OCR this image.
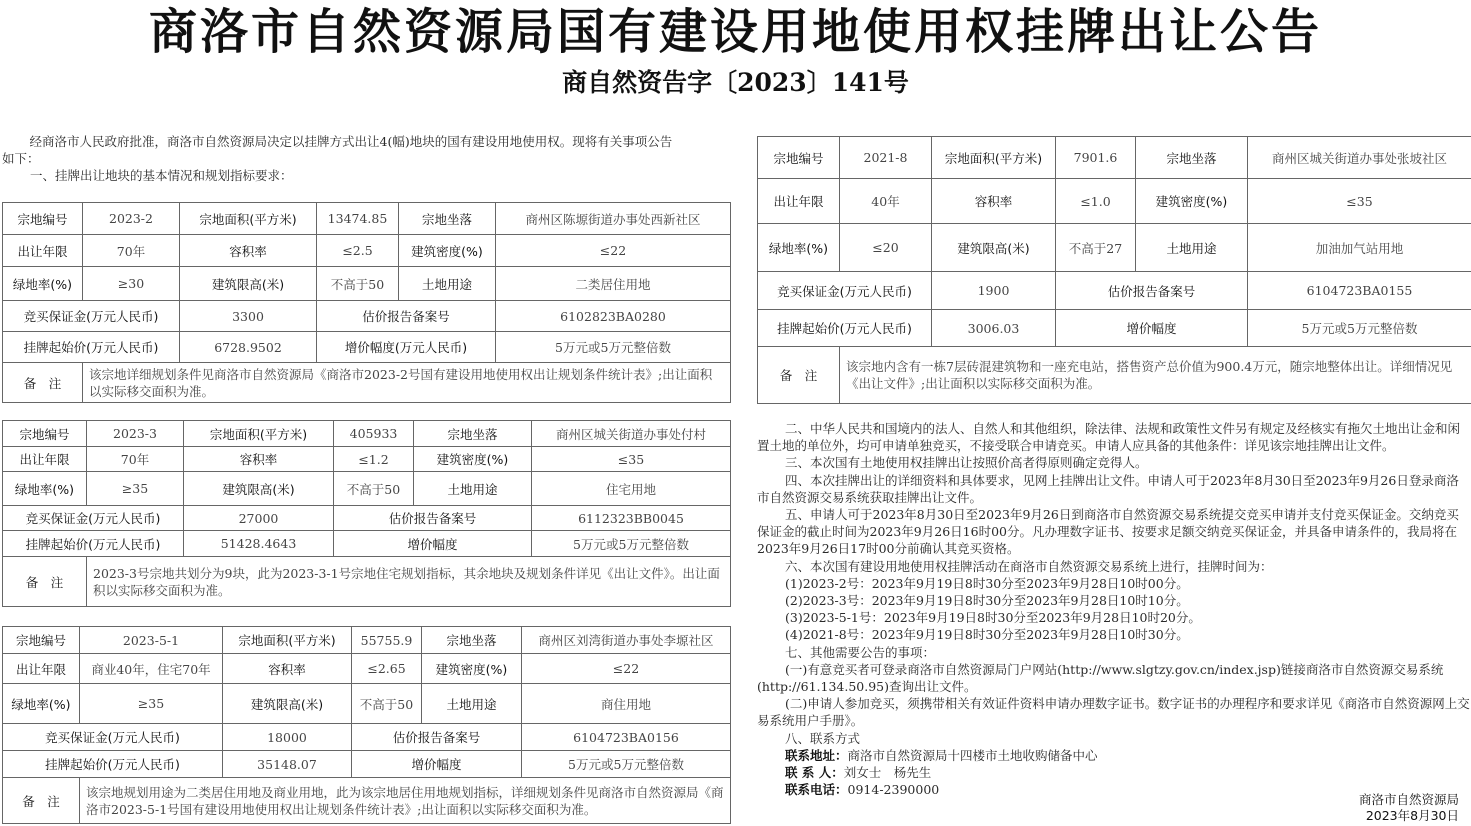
商洛市自然资源局国有建设用地使用权挂牌出让公告
商自然资告字〔2023〕141号

经商洛市人民政府批准，商洛市自然资源局决定以挂牌方式出让4(幅)地块的国有建设用地使用权。现将有关事项公告

如下：

一、挂牌出让地块的基本情况和规划指标要求：
宗地编号	2023-2	宗地面积(平方米)	13474.85	宗地坐落	商州区陈塬街道办事处西新社区
出让年限	70年	容积率	≤2.5	建筑密度(%)	≤22
绿地率(%)	≥30	建筑限高(米)	不高于50	土地用途	二类居住用地
竞买保证金(万元人民币)		3300	估价报告备案号		6102823BA0280
挂牌起始价(万元人民币)		6728.9502	增价幅度(万元人民币)		5万元或5万元整倍数
备　注	该宗地详细规划条件见商洛市自然资源局《商洛市2023-2号国有建设用地使用权出让规划条件统计表》;出让面积以实际移交面积为准。				
宗地编号	2023-3	宗地面积(平方米)	405933	宗地坐落	商州区城关街道办事处付村
出让年限	70年	容积率	≤1.2	建筑密度(%)	≤35
绿地率(%)	≥35	建筑限高(米)	不高于50	土地用途	住宅用地
竞买保证金(万元人民币)		27000	估价报告备案号		6112323BB0045
挂牌起始价(万元人民币)		51428.4643	增价幅度		5万元或5万元整倍数
备　注	2023-3号宗地共划分为9块，此为2023-3-1号宗地住宅规划指标，其余地块及规划条件详见《出让文件》。出让面积以实际移交面积为准。				
宗地编号	2023-5-1	宗地面积(平方米)	55755.9	宗地坐落	商州区刘湾街道办事处李塬社区
出让年限	商业40年，住宅70年	容积率	≤2.65	建筑密度(%)	≤22
绿地率(%)	≥35	建筑限高(米)	不高于50	土地用途	商住用地
竞买保证金(万元人民币)		18000	估价报告备案号		6104723BA0156
挂牌起始价(万元人民币)		35148.07	增价幅度		5万元或5万元整倍数
备　注	该宗地规划用途为二类居住用地及商业用地，此为该宗地居住用地规划指标，详细规划条件见商洛市自然资源局《商洛市2023-5-1号国有建设用地使用权出让规划条件统计表》;出让面积以实际移交面积为准。				
宗地编号	2021-8	宗地面积(平方米)	7901.6	宗地坐落	商州区城关街道办事处张坡社区
出让年限	40年	容积率	≤1.0	建筑密度(%)	≤35
绿地率(%)	≤20	建筑限高(米)	不高于27	土地用途	加油加气站用地
竞买保证金(万元人民币)		1900	估价报告备案号		6104723BA0155
挂牌起始价(万元人民币)		3006.03	增价幅度		5万元或5万元整倍数
备　注	该宗地内含有一栋7层砖混建筑物和一座充电站，搭售资产总价值为900.4万元，随宗地整体出让。详细情况见《出让文件》;出让面积以实际移交面积为准。				

二、中华人民共和国境内的法人、自然人和其他组织，除法律、法规和政策性文件另有规定及经核实有拖欠土地出让金和闲置土地的单位外，均可申请单独竞买，不接受联合申请竞买。申请人应具备的其他条件：详见该宗地挂牌出让文件。

三、本次国有土地使用权挂牌出让按照价高者得原则确定竞得人。

四、本次挂牌出让的详细资料和具体要求，见网上挂牌出让文件。申请人可于2023年8月30日至2023年9月26日登录商洛市自然资源交易系统获取挂牌出让文件。

五、申请人可于2023年8月30日至2023年9月26日到商洛市自然资源交易系统提交竞买申请并支付竞买保证金。交纳竞买保证金的截止时间为2023年9月26日16时00分。凡办理数字证书、按要求足额交纳竞买保证金，并具备申请条件的，我局将在2023年9月26日17时00分前确认其竞买资格。

六、本次国有建设用地使用权挂牌活动在商洛市自然资源交易系统上进行，挂牌时间为：

(1)2023-2号：2023年9月19日8时30分至2023年9月28日10时00分。

(2)2023-3号：2023年9月19日8时30分至2023年9月28日10时10分。

(3)2023-5-1号：2023年9月19日8时30分至2023年9月28日10时20分。

(4)2021-8号：2023年9月19日8时30分至2023年9月28日10时30分。

七、其他需要公告的事项：

(一)有意竞买者可登录商洛市自然资源局门户网站(http://www.slgtzy.gov.cn/index.jsp)链接商洛市自然资源交易系统(http://61.134.50.95)查询出让文件。

(二)申请人参加竞买，须携带相关有效证件资料申请办理数字证书。数字证书的办理程序和要求详见《商洛市自然资源网上交易系统用户手册》。

八、联系方式

联系地址：商洛市自然资源局十四楼市土地收购储备中心

联 系 人：刘女士　杨先生

联系电话：0914-2390000

商洛市自然资源局
2023年8月30日
